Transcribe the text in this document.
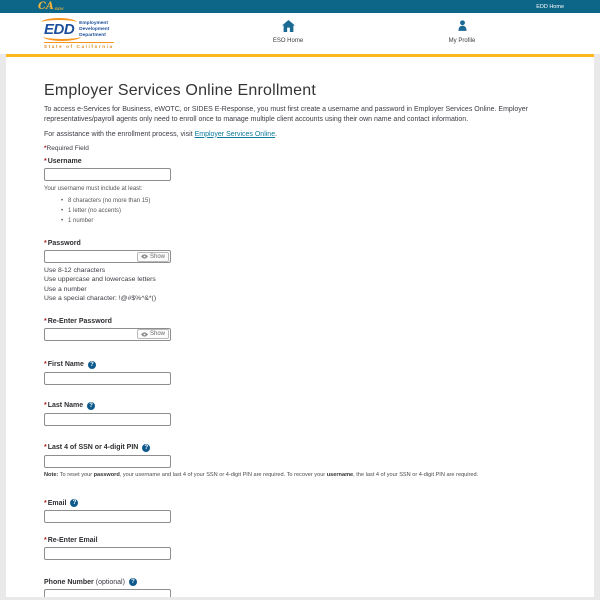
CA GOV	EDD Home
EDD	Employment
Development
Department
State of California
ESO Home	My Profile
Employer Services Online Enrollment

To access e-Services for Business, eWOTC, or SIDES E-Response, you must first create a username and password in Employer Services Online. Employer representatives/payroll agents only need to enroll once to manage multiple client accounts using their own name and contact information.

For assistance with the enrollment process, visit Employer Services Online.

*Required Field

* Username
Your username must include at least:
• 8 characters (no more than 15)
• 1 letter (no accents)
• 1 number
* Password
Show
Use 8-12 characters
Use uppercase and lowercase letters
Use a number
Use a special character: !@#$%^&*()
* Re-Enter Password
Show
* First Name	?
* Last Name	?
* Last 4 of SSN or 4-digit PIN	?
Note: To reset your password, your username and last 4 of your SSN or 4-digit PIN are required. To recover your username, the last 4 of your SSN or 4-digit PIN are required.
* Email	?
* Re-Enter Email
Phone Number (optional)	?
